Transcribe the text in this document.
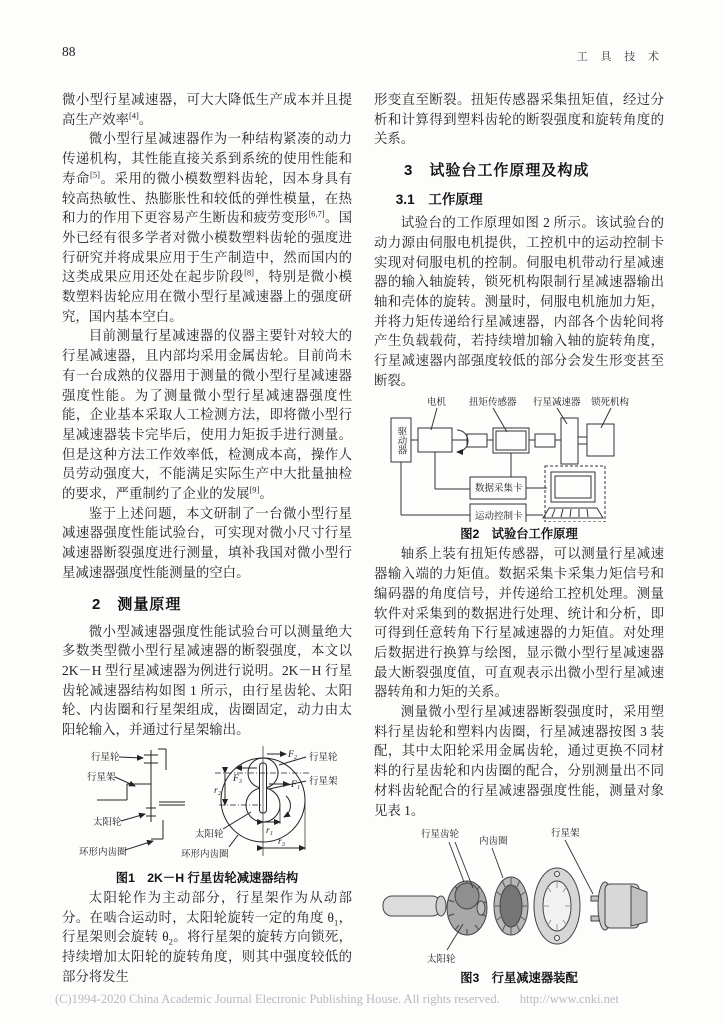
88	工 具 技 术

微小型行星减速器，可大大降低生产成本并且提高生产效率[4]。

微小型行星减速器作为一种结构紧凑的动力传递机构，其性能直接关系到系统的使用性能和寿命[5]。采用的微小模数塑料齿轮，因本身具有较高热敏性、热膨胀性和较低的弹性模量，在热和力的作用下更容易产生断齿和疲劳变形[6,7]。国外已经有很多学者对微小模数塑料齿轮的强度进行研究并将成果应用于生产制造中，然而国内的这类成果应用还处在起步阶段[8]，特别是微小模数塑料齿轮应用在微小型行星减速器上的强度研究，国内基本空白。

目前测量行星减速器的仪器主要针对较大的行星减速器，且内部均采用金属齿轮。目前尚未有一台成熟的仪器用于测量的微小型行星减速器强度性能。为了测量微小型行星减速器强度性能，企业基本采取人工检测方法，即将微小型行星减速器装卡完毕后，使用力矩扳手进行测量。但是这种方法工作效率低，检测成本高，操作人员劳动强度大，不能满足实际生产中大批量抽检的要求，严重制约了企业的发展[9]。

鉴于上述问题，本文研制了一台微小型行星减速器强度性能试验台，可实现对微小尺寸行星减速器断裂强度进行测量，填补我国对微小型行星减速器强度性能测量的空白。

2　测量原理

微小型减速器强度性能试验台可以测量绝大多数类型微小型行星减速器的断裂强度，本文以 2K－H 型行星减速器为例进行说明。2K－H 行星齿轮减速器结构如图 1 所示，由行星齿轮、太阳轮、内齿圈和行星架组成，齿圈固定，动力由太阳轮输入，并通过行星架输出。

行星轮
行星架
太阳轮
环形内齿圈
F₂
F₃
F₁
r₂
r₁
r₃
行星轮
行星架
太阳轮
环形内齿圈
图1　2K－H 行星齿轮减速器结构

太阳轮作为主动部分，行星架作为从动部分。在啮合运动时，太阳轮旋转一定的角度 $\theta_1$，行星架则会旋转 $\theta_2$。将行星架的旋转方向锁死，持续增加太阳轮的旋转角度，则其中强度较低的部分将发生

形变直至断裂。扭矩传感器采集扭矩值，经过分析和计算得到塑料齿轮的断裂强度和旋转角度的关系。

3　试验台工作原理及构成
3.1　工作原理

试验台的工作原理如图 2 所示。该试验台的动力源由伺服电机提供，工控机中的运动控制卡实现对伺服电机的控制。伺服电机带动行星减速器的输入轴旋转，锁死机构限制行星减速器输出轴和壳体的旋转。测量时，伺服电机施加力矩，并将力矩传递给行星减速器，内部各个齿轮间将产生负载载荷，若持续增加输入轴的旋转角度，行星减速器内部强度较低的部分会发生形变甚至断裂。

电机 扭矩传感器 行星减速器 锁死机构
驱动器
数据采集卡
运动控制卡
图2　试验台工作原理

轴系上装有扭矩传感器，可以测量行星减速器输入端的力矩值。数据采集卡采集力矩信号和编码器的角度信号，并传递给工控机处理。测量软件对采集到的数据进行处理、统计和分析，即可得到任意转角下行星减速器的力矩值。对处理后数据进行换算与绘图，显示微小型行星减速器最大断裂强度值，可直观表示出微小型行星减速器转角和力矩的关系。

测量微小型行星减速器断裂强度时，采用塑料行星齿轮和塑料内齿圈，行星减速器按图 3 装配，其中太阳轮采用金属齿轮，通过更换不同材料的行星齿轮和内齿圈的配合，分别测量出不同材料齿轮配合的行星减速器强度性能，测量对象见表 1。

行星齿轮
内齿圈
行星架
太阳轮
图3　行星减速器装配
(C)1994-2020 China Academic Journal Electronic Publishing House. All rights reserved. http://www.cnki.net
